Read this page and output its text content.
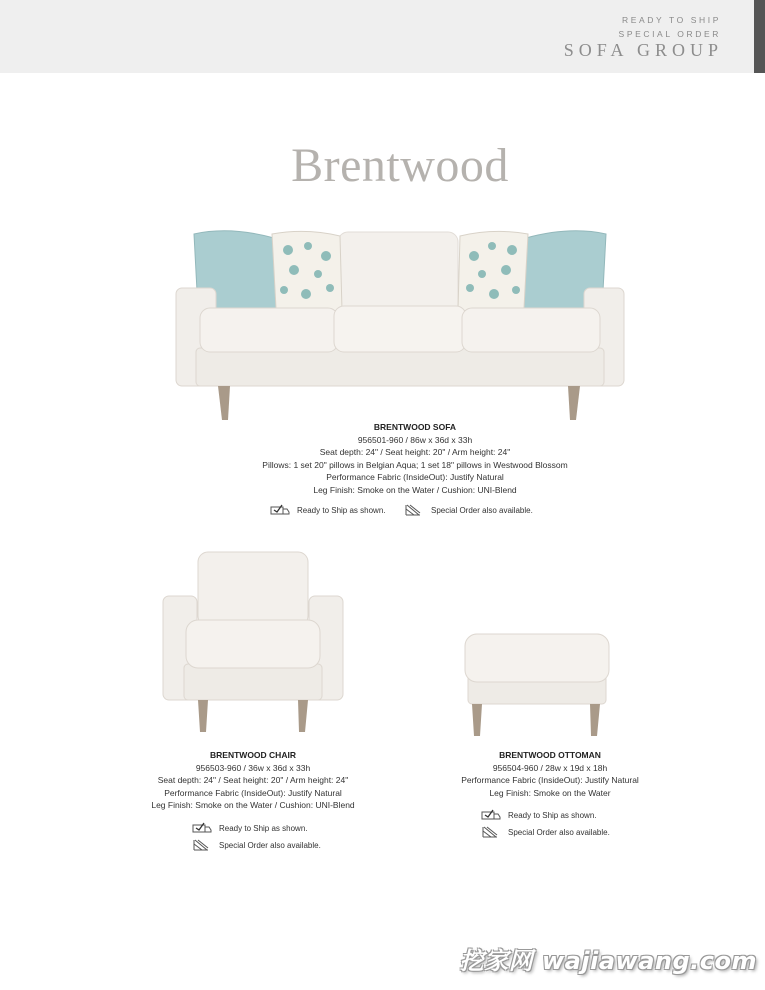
READY TO SHIP
SPECIAL ORDER
SOFA GROUP
Brentwood
BRENTWOOD SOFA
956501-960 / 86w x 36d x 33h
Seat depth: 24" / Seat height: 20" / Arm height: 24"
Pillows: 1 set 20" pillows in Belgian Aqua; 1 set 18" pillows in Westwood Blossom
Performance Fabric (InsideOut): Justify Natural
Leg Finish: Smoke on the Water / Cushion: UNI-Blend
Ready to Ship as shown.	Special Order also available.
BRENTWOOD CHAIR
956503-960 / 36w x 36d x 33h
Seat depth: 24" / Seat height: 20" / Arm height: 24"
Performance Fabric (InsideOut): Justify Natural
Leg Finish: Smoke on the Water / Cushion: UNI-Blend
Ready to Ship as shown.
Special Order also available.
BRENTWOOD OTTOMAN
956504-960 / 28w x 19d x 18h
Performance Fabric (InsideOut): Justify Natural
Leg Finish: Smoke on the Water
Ready to Ship as shown.
Special Order also available.
挖家网 wajiawang.com
